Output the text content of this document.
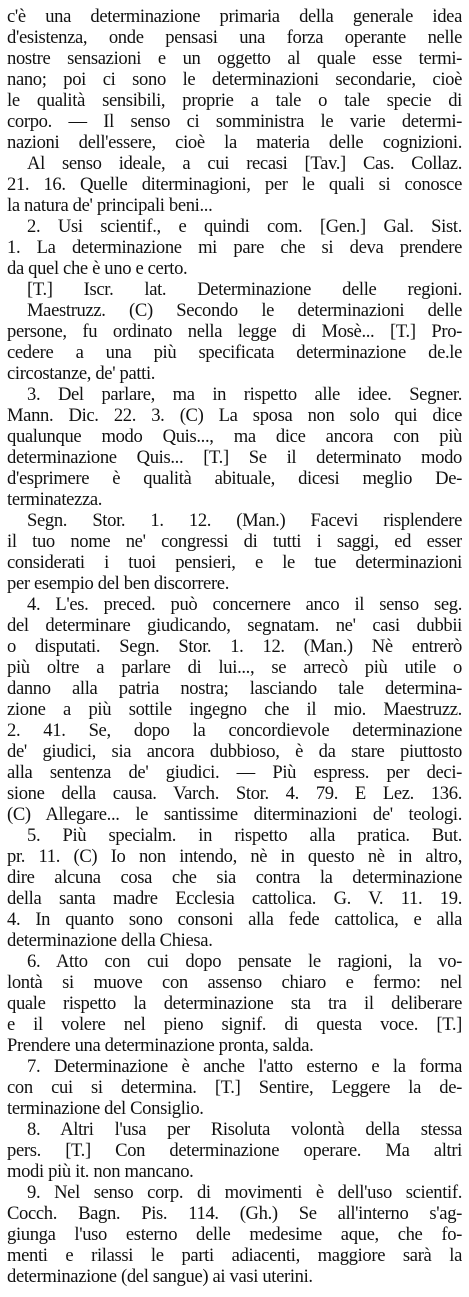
c'è una determinazione primaria della generale idea
d'esistenza, onde pensasi una forza operante nelle
nostre sensazioni e un oggetto al quale esse termi-
nano; poi ci sono le determinazioni secondarie, cioè
le qualità sensibili, proprie a tale o tale specie di
corpo. — Il senso ci somministra le varie determi-
nazioni dell'essere, cioè la materia delle cognizioni.
Al senso ideale, a cui recasi [Tav.] Cas. Collaz.
21. 16. Quelle diterminagioni, per le quali si conosce
la natura de' principali beni...
2. Usi scientif., e quindi com. [Gen.] Gal. Sist.
1. La determinazione mi pare che si deva prendere
da quel che è uno e certo.
[T.] Iscr. lat. Determinazione delle regioni.
Maestruzz. (C) Secondo le determinazioni delle
persone, fu ordinato nella legge di Mosè... [T.] Pro-
cedere a una più specificata determinazione de.le
circostanze, de' patti.
3. Del parlare, ma in rispetto alle idee. Segner.
Mann. Dic. 22. 3. (C) La sposa non solo qui dice
qualunque modo Quis..., ma dice ancora con più
determinazione Quis... [T.] Se il determinato modo
d'esprimere è qualità abituale, dicesi meglio De-
terminatezza.
Segn. Stor. 1. 12. (Man.) Facevi risplendere
il tuo nome ne' congressi di tutti i saggi, ed esser
considerati i tuoi pensieri, e le tue determinazioni
per esempio del ben discorrere.
4. L'es. preced. può concernere anco il senso seg.
del determinare giudicando, segnatam. ne' casi dubbii
o disputati. Segn. Stor. 1. 12. (Man.) Nè entrerò
più oltre a parlare di lui..., se arrecò più utile o
danno alla patria nostra; lasciando tale determina-
zione a più sottile ingegno che il mio. Maestruzz.
2. 41. Se, dopo la concordievole determinazione
de' giudici, sia ancora dubbioso, è da stare piuttosto
alla sentenza de' giudici. — Più espress. per deci-
sione della causa. Varch. Stor. 4. 79. E Lez. 136.
(C) Allegare... le santissime diterminazioni de' teologi.
5. Più specialm. in rispetto alla pratica. But.
pr. 11. (C) Io non intendo, nè in questo nè in altro,
dire alcuna cosa che sia contra la determinazione
della santa madre Ecclesia cattolica. G. V. 11. 19.
4. In quanto sono consoni alla fede cattolica, e alla
determinazione della Chiesa.
6. Atto con cui dopo pensate le ragioni, la vo-
lontà si muove con assenso chiaro e fermo: nel
quale rispetto la determinazione sta tra il deliberare
e il volere nel pieno signif. di questa voce. [T.]
Prendere una determinazione pronta, salda.
7. Determinazione è anche l'atto esterno e la forma
con cui si determina. [T.] Sentire, Leggere la de-
terminazione del Consiglio.
8. Altri l'usa per Risoluta volontà della stessa
pers. [T.] Con determinazione operare. Ma altri
modi più it. non mancano.
9. Nel senso corp. di movimenti è dell'uso scientif.
Cocch. Bagn. Pis. 114. (Gh.) Se all'interno s'ag-
giunga l'uso esterno delle medesime aque, che fo-
menti e rilassi le parti adiacenti, maggiore sarà la
determinazione (del sangue) ai vasi uterini.
